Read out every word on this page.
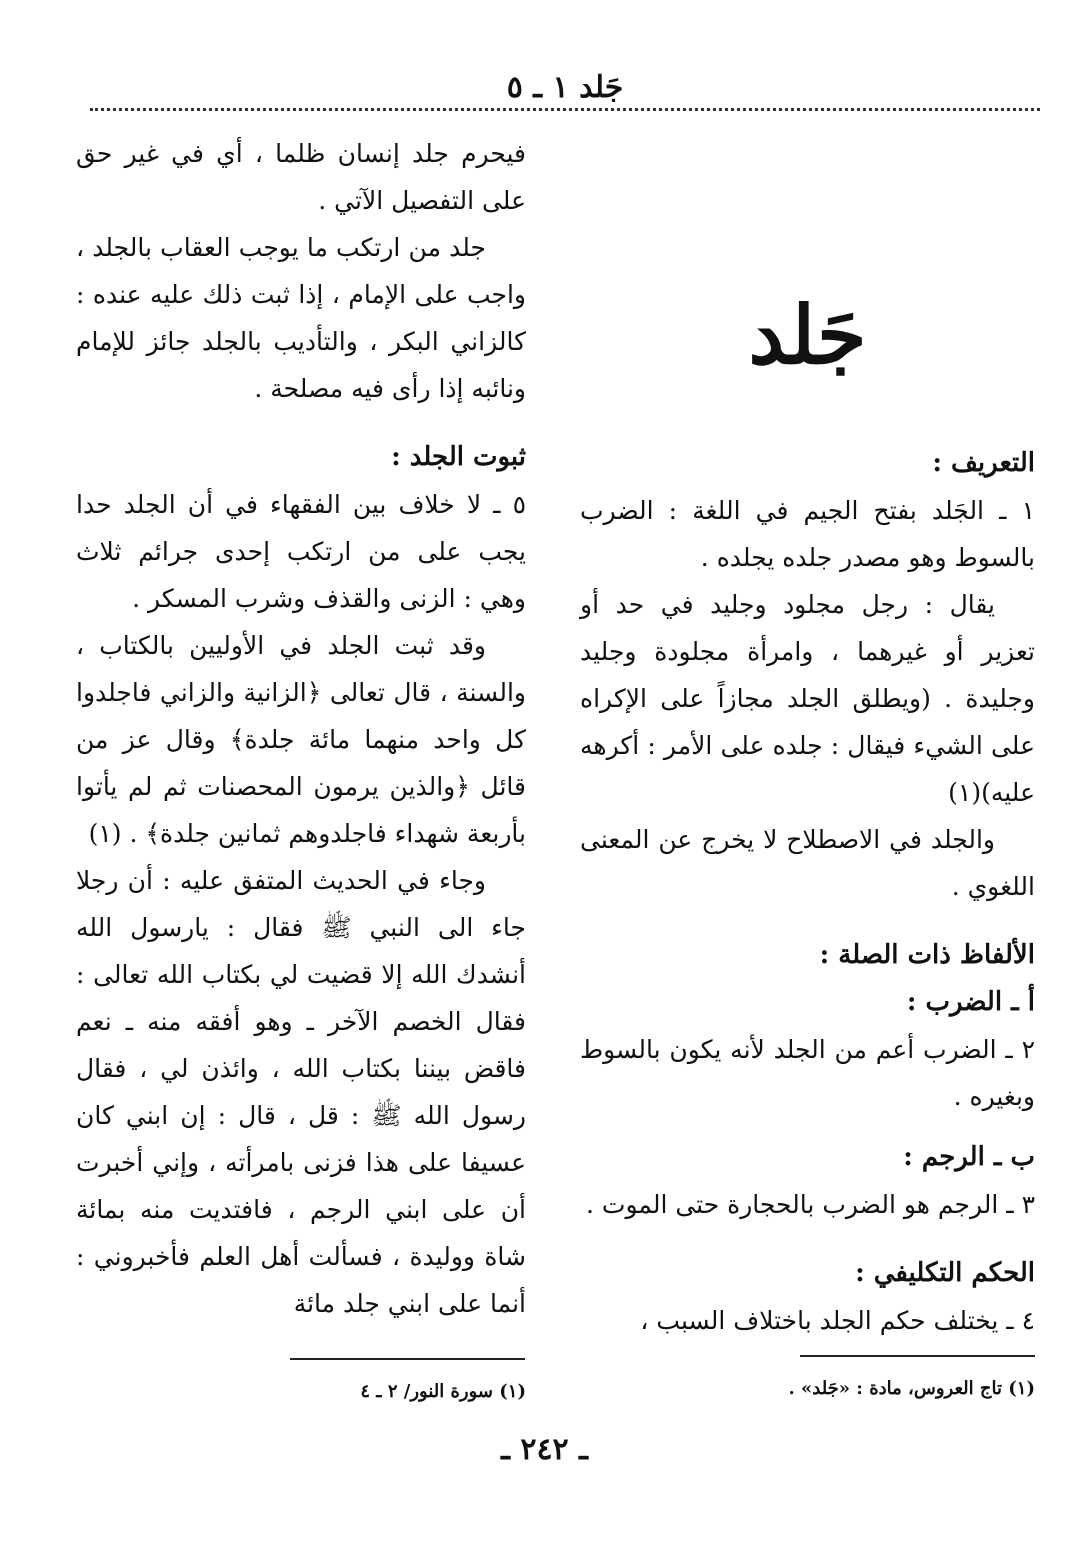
جَلد ١ ـ ٥
جَلد

التعريف :

١ ـ الجَلد بفتح الجيم في اللغة : الضرب بالسوط وهو مصدر جلده يجلده .

يقال : رجل مجلود وجليد في حد أو تعزير أو غيرهما ، وامرأة مجلودة وجليد وجليدة . (ويطلق الجلد مجازاً على الإكراه على الشيء فيقال : جلده على الأمر : أكرهه عليه)(١)

والجلد في الاصطلاح لا يخرج عن المعنى اللغوي .

الألفاظ ذات الصلة :

أ ـ الضرب :

٢ ـ الضرب أعم من الجلد لأنه يكون بالسوط وبغيره .

ب ـ الرجم :

٣ ـ الرجم هو الضرب بالحجارة حتى الموت .

الحكم التكليفي :

٤ ـ يختلف حكم الجلد باختلاف السبب ،

فيحرم جلد إنسان ظلما ، أي في غير حق على التفصيل الآتي .

جلد من ارتكب ما يوجب العقاب بالجلد ، واجب على الإمام ، إذا ثبت ذلك عليه عنده : كالزاني البكر ، والتأديب بالجلد جائز للإمام ونائبه إذا رأى فيه مصلحة .

ثبوت الجلد :

٥ ـ لا خلاف بين الفقهاء في أن الجلد حدا يجب على من ارتكب إحدى جرائم ثلاث وهي : الزنى والقذف وشرب المسكر .

وقد ثبت الجلد في الأوليين بالكتاب ، والسنة ، قال تعالى ﴿الزانية والزاني فاجلدوا كل واحد منهما مائة جلدة﴾ وقال عز من قائل ﴿والذين يرمون المحصنات ثم لم يأتوا بأربعة شهداء فاجلدوهم ثمانين جلدة﴾ . (١)

وجاء في الحديث المتفق عليه : أن رجلا جاء الى النبي ﷺ فقال : يارسول الله أنشدك الله إلا قضيت لي بكتاب الله تعالى : فقال الخصم الآخر ـ وهو أفقه منه ـ نعم فاقض بيننا بكتاب الله ، وائذن لي ، فقال رسول الله ﷺ : قل ، قال : إن ابني كان عسيفا على هذا فزنى بامرأته ، وإني أخبرت أن على ابني الرجم ، فافتديت منه بمائة شاة ووليدة ، فسألت أهل العلم فأخبروني : أنما على ابني جلد مائة

(١) تاج العروس، مادة : «جَلد» .
(١) سورة النور/ ٢ ـ ٤
ـ ٢٤٢ ـ
